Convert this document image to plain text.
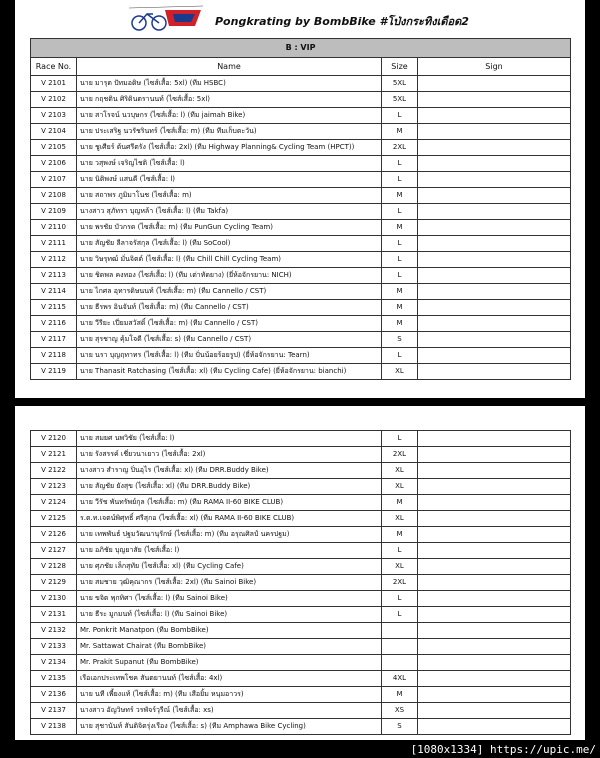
Pongkrating by BombBike #โป่งกระทิงเดือด2
B : VIP			
Race No.	Name	Size	Sign
V 2101	นาย มารุต ปัทมอดิษ (ไซส์เสื้อ: 5xl) (ทีม HSBC)	5XL	
V 2102	นาย กฤชติน ศิริดินตรานนท์ (ไซส์เสื้อ: 5xl)	5XL	
V 2103	นาย สาโรจน์ นวบุษกร (ไซส์เสื้อ: l) (ทีม jaimah Bike)	L	
V 2104	นาย ประเสริฐ นวรัชรินทร์ (ไซส์เสื้อ: m) (ทีม ทีมเก็บตะวัน)	M	
V 2105	นาย ชูเศียร์ ต้นศรีตรัง (ไซส์เสื้อ: 2xl) (ทีม Highway Planning& Cycling Team (HPCT))	2XL	
V 2106	นาย วสุพงษ์ เจริญไชติ (ไซส์เสื้อ: l)	L	
V 2107	นาย นิติพงษ์ แสนดี (ไซส์เสื้อ: l)	L	
V 2108	นาย สถาพร ภูมิมาโนช (ไซส์เสื้อ: m)	M	
V 2109	นางสาว สุภัทรา บุญหล้า (ไซส์เสื้อ: l) (ทีม Takfa)	L	
V 2110	นาย พรชัย บัวกรด (ไซส์เสื้อ: m) (ทีม PunGun Cycling Team)	M	
V 2111	นาย สัญชัย ลีลาจรัสกุล (ไซส์เสื้อ: l) (ทีม SoCool)	L	
V 2112	นาย วิษรุทฒ์ มั่นจิตต์ (ไซส์เสื้อ: l) (ทีม Chill Chill Cycling Team)	L	
V 2113	นาย ชิดพล คงทอง (ไซส์เสื้อ: l) (ทีม เต่าทัดยาง) (ยี่ห้อจักรยาน: NICH)	L	
V 2114	นาย ไกศล อุทารดิษนนท์ (ไซส์เสื้อ: m) (ทีม Cannello / CST)	M	
V 2115	นาย ธีรพร อินจันท์ (ไซส์เสื้อ: m) (ทีม Cannello / CST)	M	
V 2116	นาย วีรียะ เปี่ยมสวัสดิ์ (ไซส์เสื้อ: m) (ทีม Cannello / CST)	M	
V 2117	นาย สุรชาญ คุ้มโจดี (ไซส์เสื้อ: s) (ทีม Cannello / CST)	S	
V 2118	นาย นรา บุญฤทาทร (ไซส์เสื้อ: l) (ทีม ปั่นน้อยร้อยรูป) (ยี่ห้อจักรยาน: Tearn)	L	
V 2119	นาย Thanasit Ratchasing (ไซส์เสื้อ: xl) (ทีม Cycling Cafe) (ยี่ห้อจักรยาน: bianchi)	XL	
V 2120	นาย สมยศ นพวิชัย (ไซส์เสื้อ: l)	L	
V 2121	นาย รังสรรค์ เชี่ยวนาเยาว (ไซส์เสื้อ: 2xl)	2XL	
V 2122	นางสาว สำราญ ปิ่นอุไร (ไซส์เสื้อ: xl) (ทีม DRR.Buddy Bike)	XL	
V 2123	นาย สัญชัย ยังสุข (ไซส์เสื้อ: xl) (ทีม DRR.Buddy Bike)	XL	
V 2124	นาย วีรัช พันทรัพย์กุล (ไซส์เสื้อ: m) (ทีม RAMA II-60 BIKE CLUB)	M	
V 2125	ร.ต.ท.เจตน์พิศุทธิ์ ศรีสุกอ (ไซส์เสื้อ: xl) (ทีม RAMA II-60 BIKE CLUB)	XL	
V 2126	นาย เทพพันธ์ ปฐมวัฒนานุรักษ์ (ไซส์เสื้อ: m) (ทีม อรุณศิลป์ นครปฐม)	M	
V 2127	นาย อภิชัย บุญยาสัย (ไซส์เสื้อ: l)	L	
V 2128	นาย ศุภชัย เล็กสุทัย (ไซส์เสื้อ: xl) (ทีม Cycling Cafe)	XL	
V 2129	นาย สมชาย วุฒิคุณากร (ไซส์เสื้อ: 2xl) (ทีม Sainoi Bike)	2XL	
V 2130	นาย ขจิต พุกทิศา (ไซส์เสื้อ: l) (ทีม Sainoi Bike)	L	
V 2131	นาย ธีระ มูกมนท์ (ไซส์เสื้อ: l) (ทีม Sainoi Bike)	L	
V 2132	Mr. Ponkrit Manatpon (ทีม BombBike)		
V 2133	Mr. Sattawat Chairat (ทีม BombBike)		
V 2134	Mr. Prakit Supanut (ทีม BombBike)		
V 2135	เรือเอกประเทพโชค สันตยานนท์ (ไซส์เสื้อ: 4xl)	4XL	
V 2136	นาย นที เพี้ยงแท้ (ไซส์เสื้อ: m) (ทีม เสือยิ้ม หนุมอาวร)	M	
V 2137	นางสาว อัญวิษทร์ วรพัจร์วุรีณ์ (ไซส์เสื้อ: xs)	XS	
V 2138	นาย สุชานันท์ สันติจิตรุ่งเรือง (ไซส์เสื้อ: s) (ทีม Amphawa Bike Cycling)	S	
[1080x1334] https://upic.me/
